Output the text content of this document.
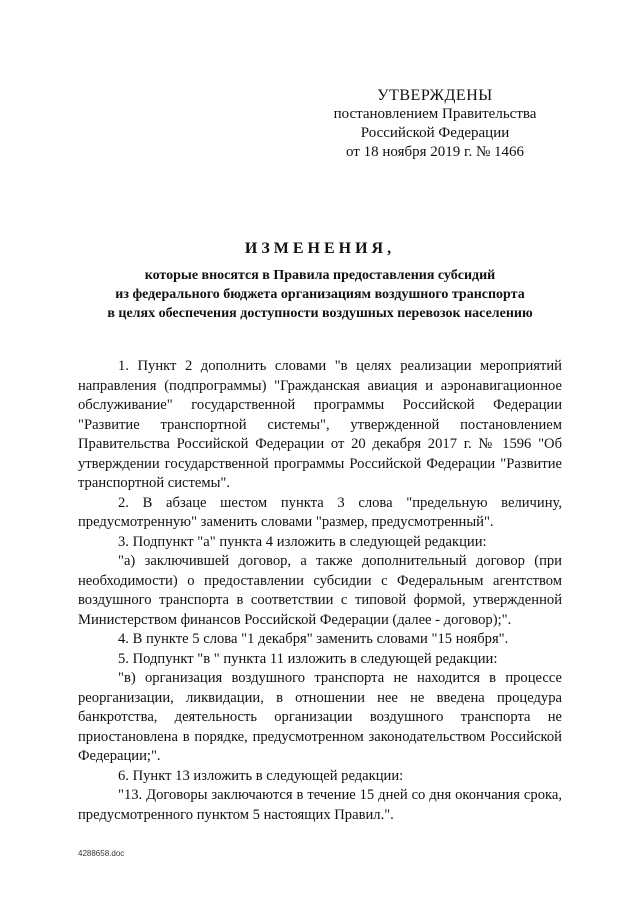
УТВЕРЖДЕНЫ
постановлением Правительства
Российской Федерации
от 18 ноября 2019 г. № 1466
ИЗМЕНЕНИЯ,
которые вносятся в Правила предоставления субсидий
из федерального бюджета организациям воздушного транспорта
в целях обеспечения доступности воздушных перевозок населению

1. Пункт 2 дополнить словами "в целях реализации мероприятий направления (подпрограммы) "Гражданская авиация и аэронавигационное обслуживание" государственной программы Российской Федерации "Развитие транспортной системы", утвержденной постановлением Правительства Российской Федерации от 20 декабря 2017 г. № 1596 "Об утверждении государственной программы Российской Федерации "Развитие транспортной системы".

2. В абзаце шестом пункта 3 слова "предельную величину, предусмотренную" заменить словами "размер, предусмотренный".

3. Подпункт "а" пункта 4 изложить в следующей редакции:

"а) заключившей договор, а также дополнительный договор (при необходимости) о предоставлении субсидии с Федеральным агентством воздушного транспорта в соответствии с типовой формой, утвержденной Министерством финансов Российской Федерации (далее - договор);".

4. В пункте 5 слова "1 декабря" заменить словами "15 ноября".

5. Подпункт "в " пункта 11 изложить в следующей редакции:

"в) организация воздушного транспорта не находится в процессе реорганизации, ликвидации, в отношении нее не введена процедура банкротства, деятельность организации воздушного транспорта не приостановлена в порядке, предусмотренном законодательством Российской Федерации;".

6. Пункт 13 изложить в следующей редакции:

"13. Договоры заключаются в течение 15 дней со дня окончания срока, предусмотренного пунктом 5 настоящих Правил.".

4288658.doc
